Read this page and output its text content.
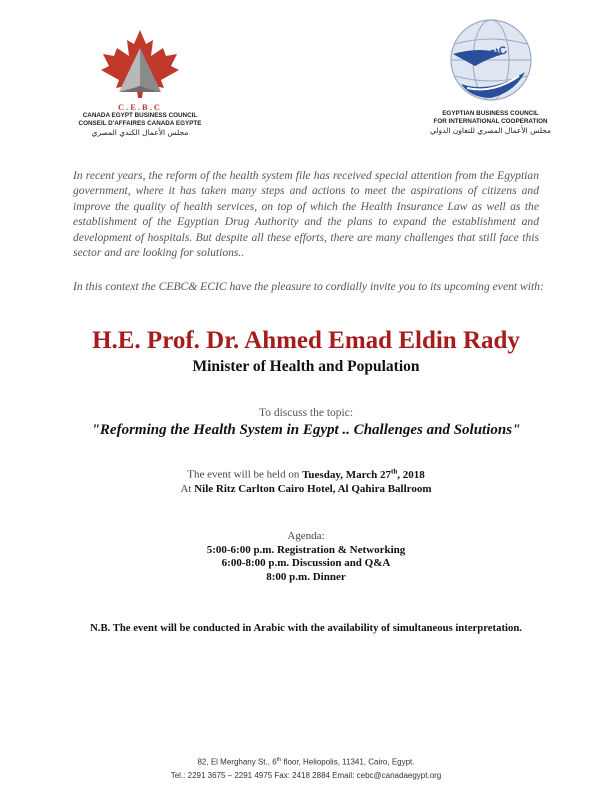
C.E.B.C
CANADA EGYPT BUSINESS COUNCIL
CONSEIL D'AFFAIRES CANADA EGYPTE
مجلس الأعمال الكندي المصري
ECIC
EGYPTIAN BUSINESS COUNCIL
FOR INTERNATIONAL COOPERATION
مجلس الأعمال المصري للتعاون الدولي
In recent years, the reform of the health system file has received special attention from the Egyptian government, where it has taken many steps and actions to meet the aspirations of citizens and improve the quality of health services, on top of which the Health Insurance Law as well as the establishment of the Egyptian Drug Authority and the plans to expand the establishment and development of hospitals. But despite all these efforts, there are many challenges that still face this sector and are looking for solutions..
In this context the CEBC& ECIC have the pleasure to cordially invite you to its upcoming event with:
H.E. Prof. Dr. Ahmed Emad Eldin Rady
Minister of Health and Population
To discuss the topic:
"Reforming the Health System in Egypt .. Challenges and Solutions"
The event will be held on Tuesday, March 27th, 2018
At Nile Ritz Carlton Cairo Hotel, Al Qahira Ballroom
Agenda:
5:00-6:00 p.m. Registration & Networking
6:00-8:00 p.m. Discussion and Q&A
8:00 p.m. Dinner
N.B. The event will be conducted in Arabic with the availability of simultaneous interpretation.
82, El Merghany St., 6th floor, Heliopolis, 11341, Cairo, Egypt.
Tel.: 2291 3675 – 2291 4975 Fax: 2418 2884 Email: cebc@canadaegypt.org
